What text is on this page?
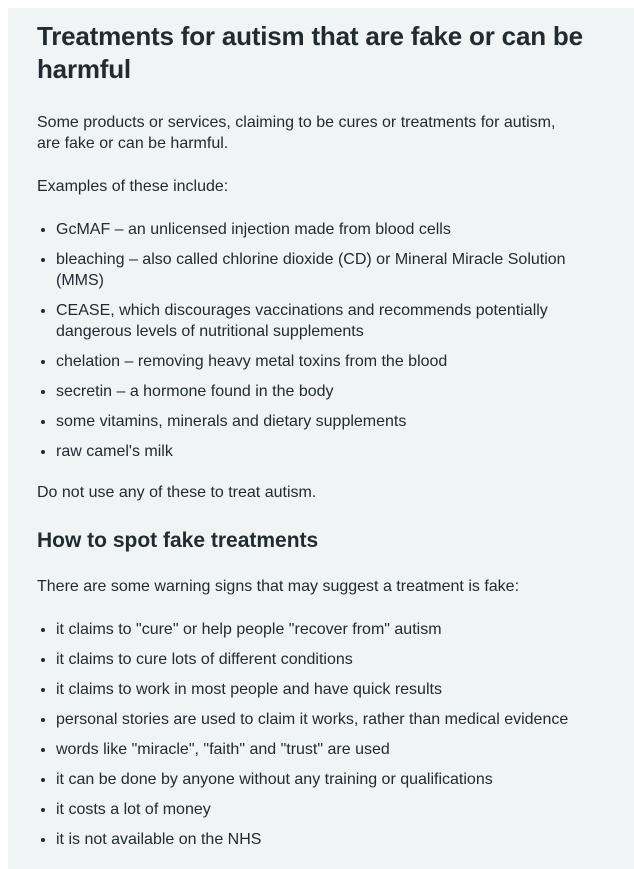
Treatments for autism that are fake or can be harmful

Some products or services, claiming to be cures or treatments for autism, are fake or can be harmful.

Examples of these include:

• GcMAF – an unlicensed injection made from blood cells
• bleaching – also called chlorine dioxide (CD) or Mineral Miracle Solution (MMS)
• CEASE, which discourages vaccinations and recommends potentially dangerous levels of nutritional supplements
• chelation – removing heavy metal toxins from the blood
• secretin – a hormone found in the body
• some vitamins, minerals and dietary supplements
• raw camel's milk

Do not use any of these to treat autism.

How to spot fake treatments

There are some warning signs that may suggest a treatment is fake:

• it claims to "cure" or help people "recover from" autism
• it claims to cure lots of different conditions
• it claims to work in most people and have quick results
• personal stories are used to claim it works, rather than medical evidence
• words like "miracle", "faith" and "trust" are used
• it can be done by anyone without any training or qualifications
• it costs a lot of money
• it is not available on the NHS
